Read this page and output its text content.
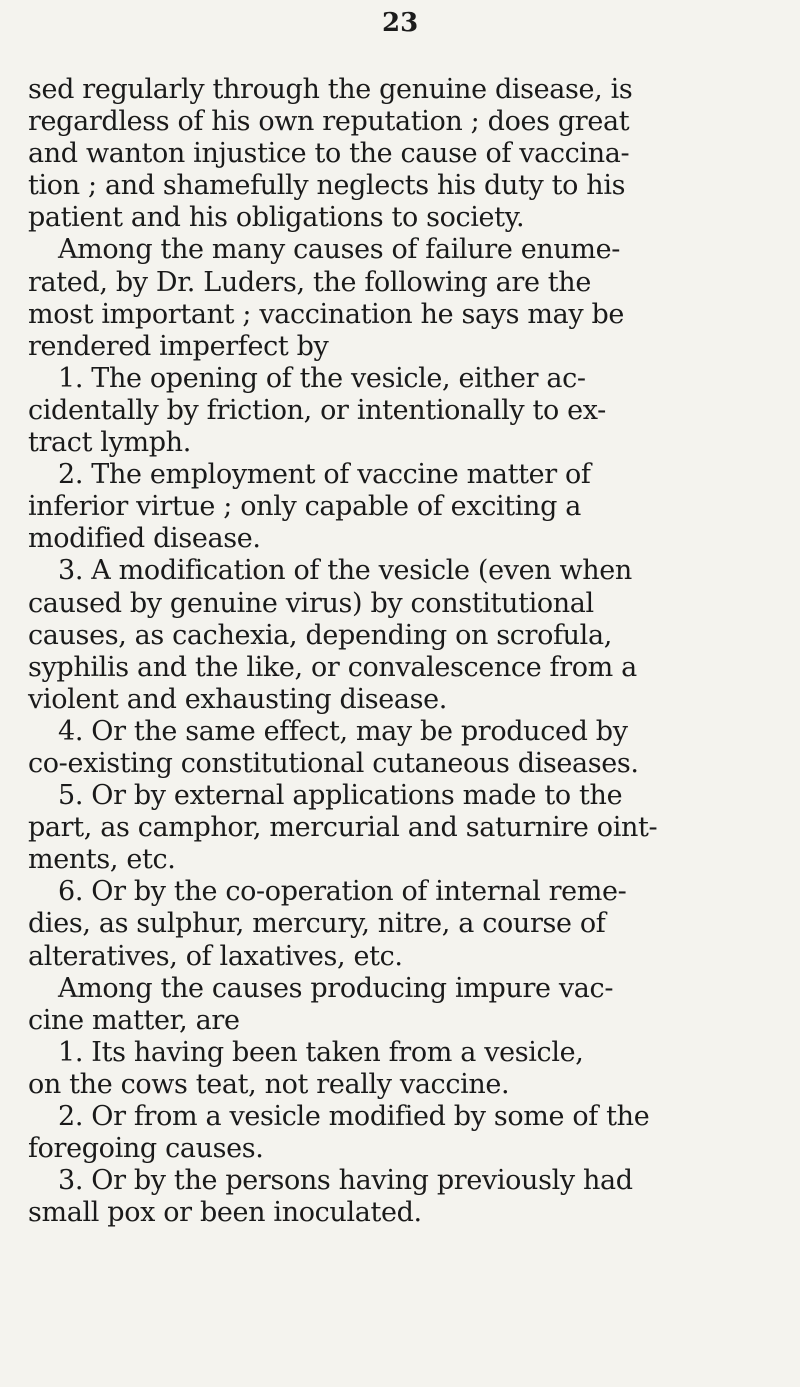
23
sed regularly through the genuine disease, is
regardless of his own reputation ; does great
and wanton injustice to the cause of vaccina-
tion ; and shamefully neglects his duty to his
patient and his obligations to society.
Among the many causes of failure enume-
rated, by Dr. Luders, the following are the
most important ; vaccination he says may be
rendered imperfect by
1. The opening of the vesicle, either ac-
cidentally by friction, or intentionally to ex-
tract lymph.
2. The employment of vaccine matter of
inferior virtue ; only capable of exciting a
modified disease.
3. A modification of the vesicle (even when
caused by genuine virus) by constitutional
causes, as cachexia, depending on scrofula,
syphilis and the like, or convalescence from a
violent and exhausting disease.
4. Or the same effect, may be produced by
co-existing constitutional cutaneous diseases.
5. Or by external applications made to the
part, as camphor, mercurial and saturnire oint-
ments, etc.
6. Or by the co-operation of internal reme-
dies, as sulphur, mercury, nitre, a course of
alteratives, of laxatives, etc.
Among the causes producing impure vac-
cine matter, are
1. Its having been taken from a vesicle,
on the cows teat, not really vaccine.
2. Or from a vesicle modified by some of the
foregoing causes.
3. Or by the persons having previously had
small pox or been inoculated.
